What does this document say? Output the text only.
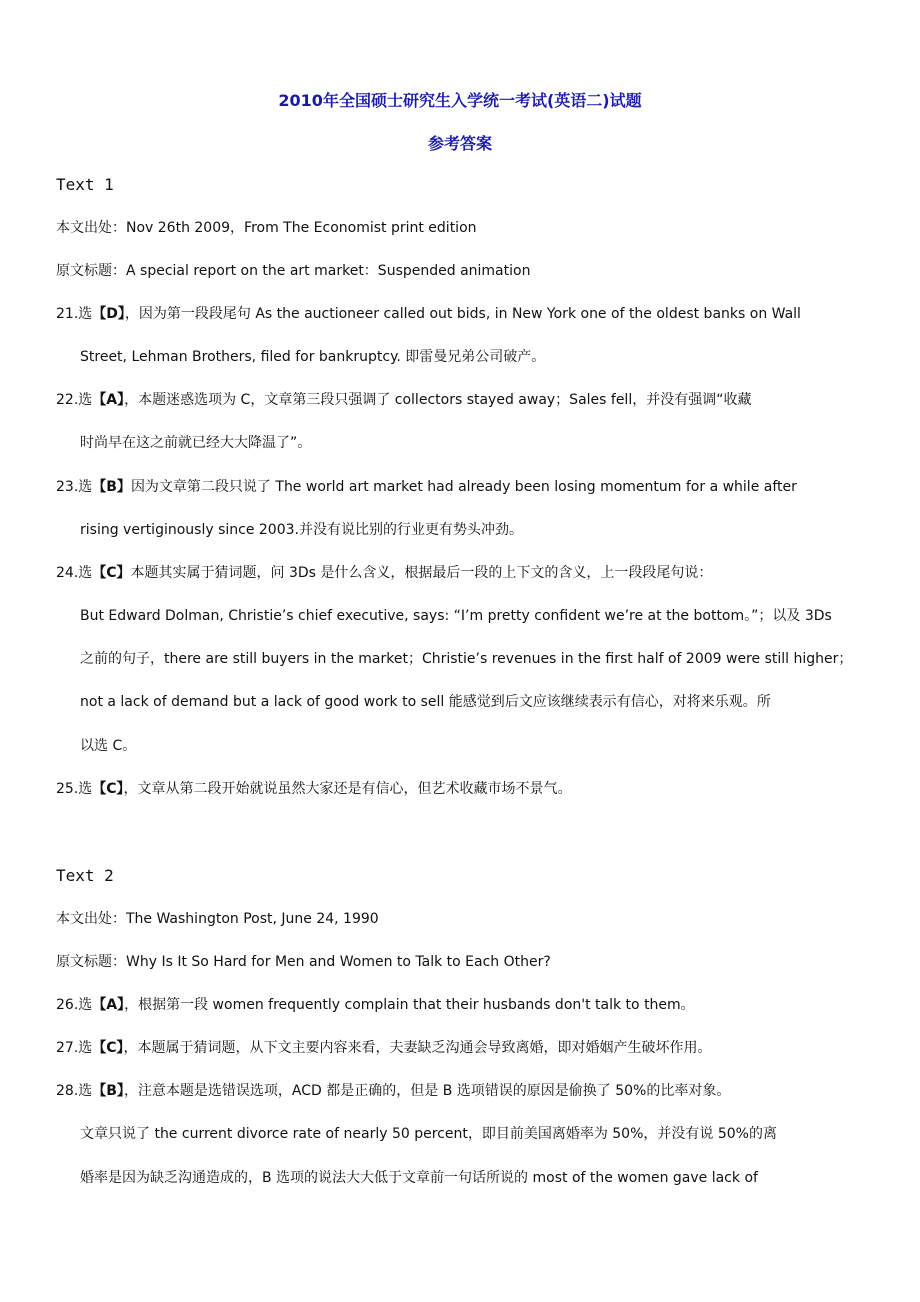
2010年全国硕士研究生入学统一考试(英语二)试题
参考答案
Text 1
本文出处：Nov 26th 2009，From The Economist print edition
原文标题：A special report on the art market：Suspended animation
21.选【D】，因为第一段段尾句 As the auctioneer called out bids, in New York one of the oldest banks on Wall
Street, Lehman Brothers, filed for bankruptcy. 即雷曼兄弟公司破产。
22.选【A】，本题迷惑选项为 C，文章第三段只强调了 collectors stayed away；Sales fell，并没有强调“收藏
时尚早在这之前就已经大大降温了”。
23.选【B】因为文章第二段只说了 The world art market had already been losing momentum for a while after
rising vertiginously since 2003.并没有说比别的行业更有势头冲劲。
24.选【C】本题其实属于猜词题，问 3Ds 是什么含义，根据最后一段的上下文的含义，上一段段尾句说：
But Edward Dolman, Christie’s chief executive, says: “I’m pretty confident we’re at the bottom。”；以及 3Ds
之前的句子，there are still buyers in the market；Christie’s revenues in the first half of 2009 were still higher；
not a lack of demand but a lack of good work to sell 能感觉到后文应该继续表示有信心，对将来乐观。所
以选 C。
25.选【C】，文章从第二段开始就说虽然大家还是有信心，但艺术收藏市场不景气。
Text 2
本文出处：The Washington Post, June 24, 1990
原文标题：Why Is It So Hard for Men and Women to Talk to Each Other?
26.选【A】，根据第一段 women frequently complain that their husbands don't talk to them。
27.选【C】，本题属于猜词题，从下文主要内容来看，夫妻缺乏沟通会导致离婚，即对婚姻产生破坏作用。
28.选【B】，注意本题是选错误选项，ACD 都是正确的，但是 B 选项错误的原因是偷换了 50%的比率对象。
文章只说了 the current divorce rate of nearly 50 percent，即目前美国离婚率为 50%，并没有说 50%的离
婚率是因为缺乏沟通造成的，B 选项的说法大大低于文章前一句话所说的 most of the women gave lack of
